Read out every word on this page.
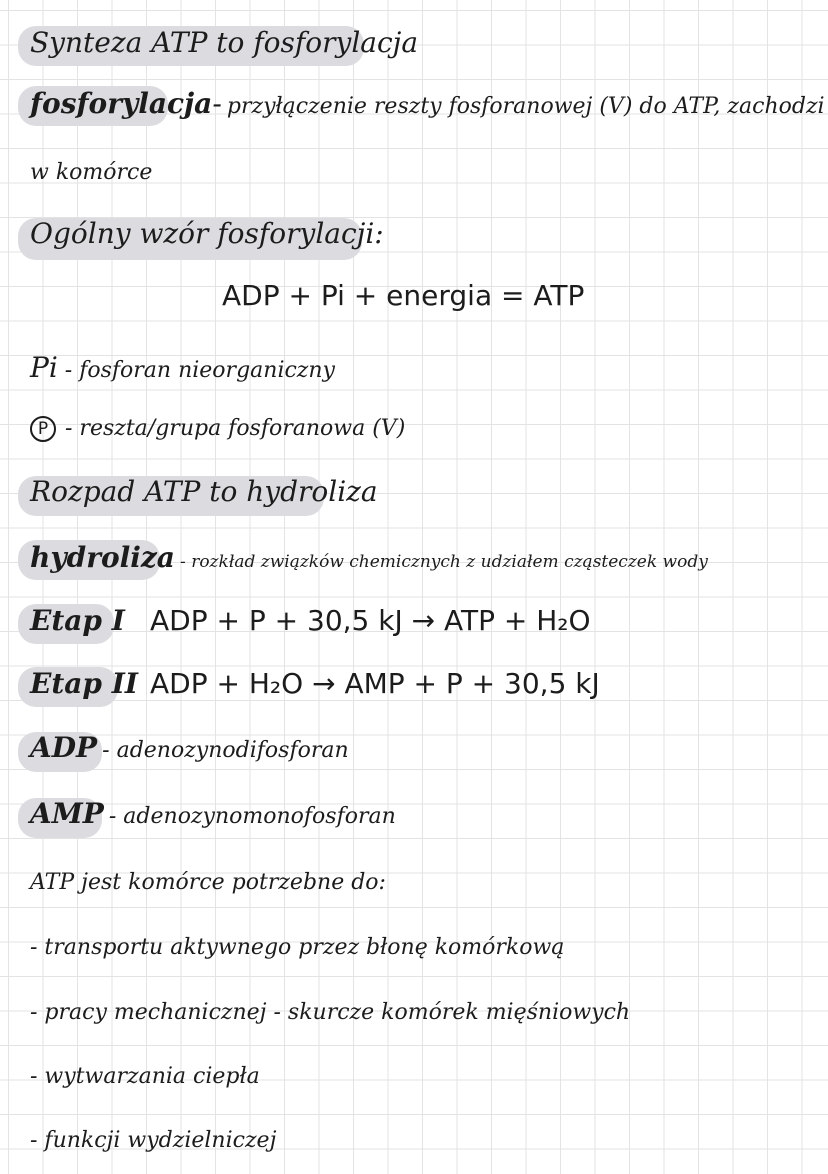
Synteza ATP to fosforylacja
fosforylacja- przyłączenie reszty fosforanowej (V) do ATP, zachodzi
w komórce
Ogólny wzór fosforylacji:
ADP + Pi + energia = ATP
Pi - fosforan nieorganiczny
P - reszta/grupa fosforanowa (V)
Rozpad ATP to hydroliza
hydroliza - rozkład związków chemicznych z udziałem cząsteczek wody
Etap I ADP + P + 30,5 kJ → ATP + H₂O
Etap II ADP + H₂O → AMP + P + 30,5 kJ
ADP - adenozynodifosforan
AMP - adenozynomonofosforan
ATP jest komórce potrzebne do:
- transportu aktywnego przez błonę komórkową
- pracy mechanicznej - skurcze komórek mięśniowych
- wytwarzania ciepła
- funkcji wydzielniczej
